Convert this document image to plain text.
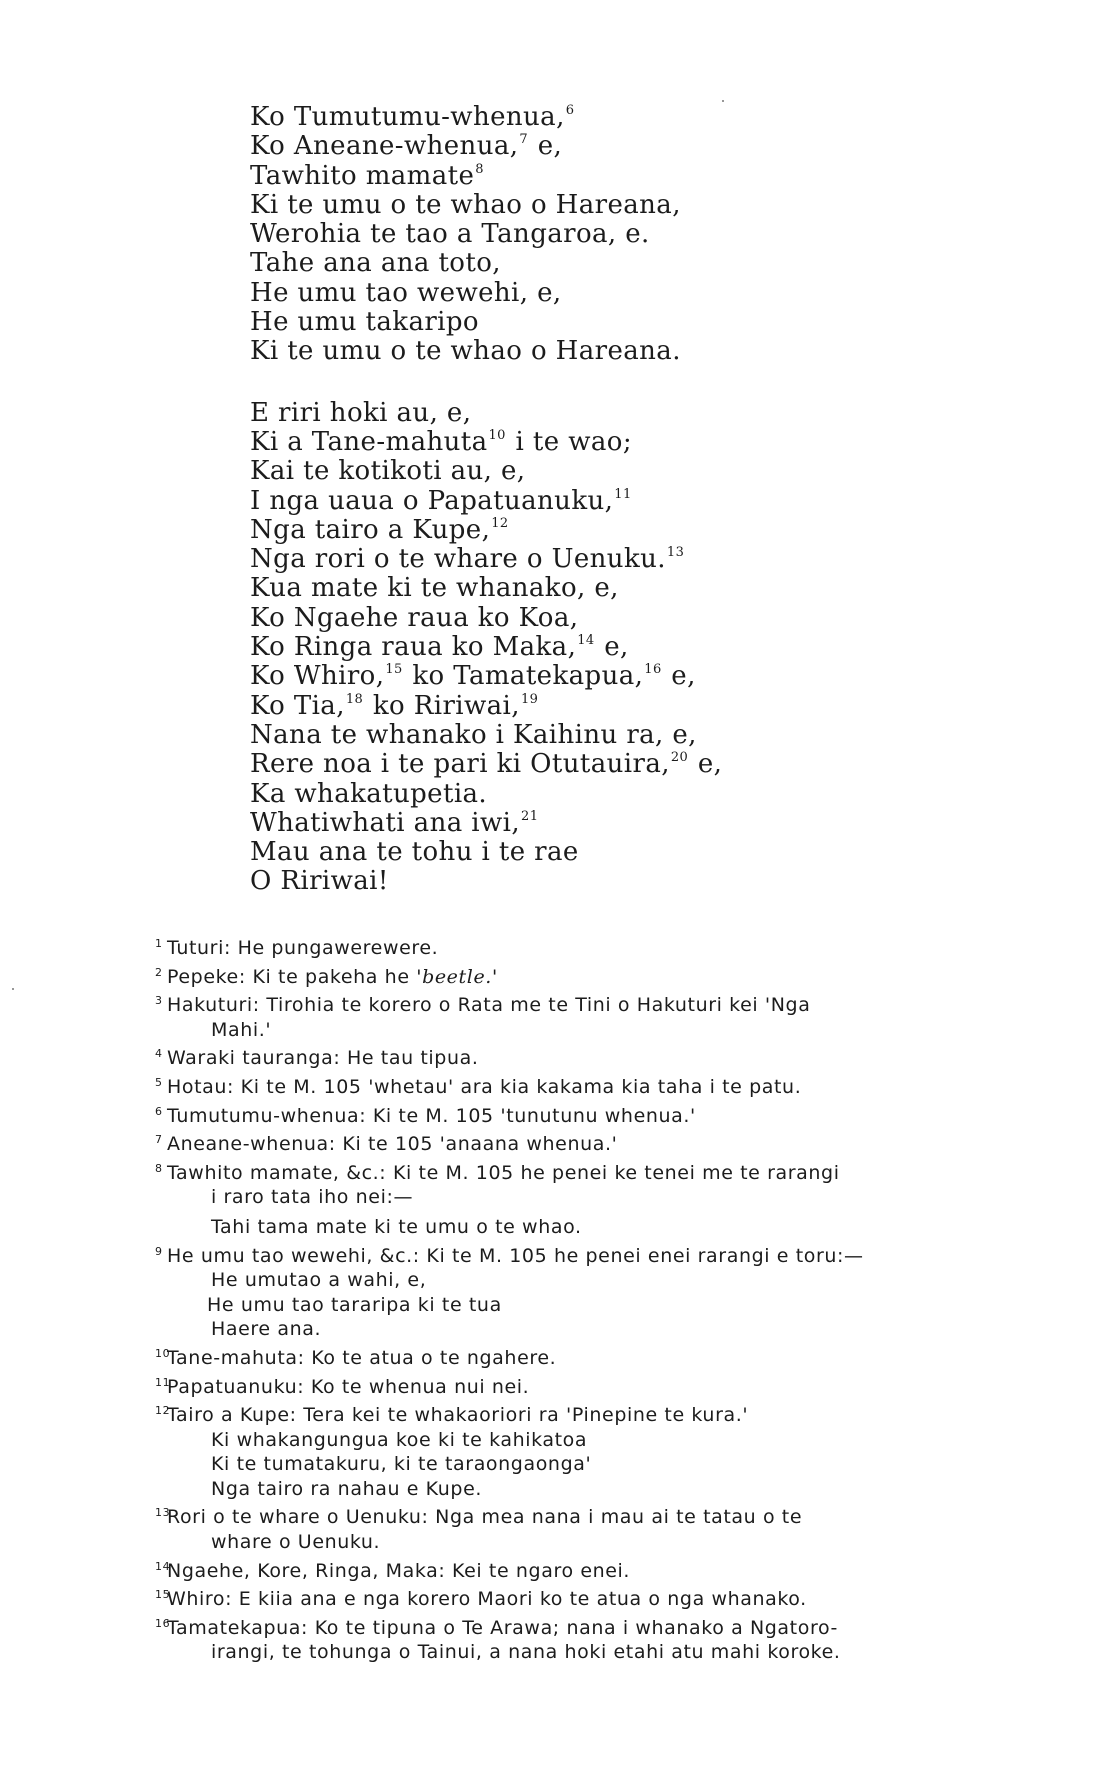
Ko Tumutumu-whenua,$^6$
Ko Aneane-whenua,$^7$ e,
Tawhito mamate$^8$
Ki te umu o te whao o Hareana,
Werohia te tao a Tangaroa, e.
Tahe ana ana toto,
He umu tao wewehi, e,
He umu takaripo
Ki te umu o te whao o Hareana.
E riri hoki au, e,
Ki a Tane-mahuta$^{10}$ i te wao;
Kai te kotikoti au, e,
I nga uaua o Papatuanuku,$^{11}$
Nga tairo a Kupe,$^{12}$
Nga rori o te whare o Uenuku.$^{13}$
Kua mate ki te whanako, e,
Ko Ngaehe raua ko Koa,
Ko Ringa raua ko Maka,$^{14}$ e,
Ko Whiro,$^{15}$ ko Tamatekapua,$^{16}$ e,
Ko Tia,$^{18}$ ko Ririwai,$^{19}$
Nana te whanako i Kaihinu ra, e,
Rere noa i te pari ki Otutauira,$^{20}$ e,
Ka whakatupetia.
Whatiwhati ana iwi,$^{21}$
Mau ana te tohu i te rae
O Ririwai!
1 Tuturi: He pungawerewere.
2 Pepeke: Ki te pakeha he 'beetle.'
3 Hakuturi: Tirohia te korero o Rata me te Tini o Hakuturi kei 'Nga
Mahi.'
4 Waraki tauranga: He tau tipua.
5 Hotau: Ki te M. 105 'whetau' ara kia kakama kia taha i te patu.
6 Tumutumu-whenua: Ki te M. 105 'tunutunu whenua.'
7 Aneane-whenua: Ki te 105 'anaana whenua.'
8 Tawhito mamate, &c.: Ki te M. 105 he penei ke tenei me te rarangi
i raro tata iho nei:—
Tahi tama mate ki te umu o te whao.
9 He umu tao wewehi, &c.: Ki te M. 105 he penei enei rarangi e toru:—
He umutao a wahi, e,
He umu tao tararipa ki te tua
Haere ana.
10
Tane-mahuta: Ko te atua o te ngahere.
11
Papatuanuku: Ko te whenua nui nei.
12
Tairo a Kupe: Tera kei te whakaoriori ra 'Pinepine te kura.'
Ki whakangungua koe ki te kahikatoa
Ki te tumatakuru, ki te taraongaonga'
Nga tairo ra nahau e Kupe.
13
Rori o te whare o Uenuku: Nga mea nana i mau ai te tatau o te
whare o Uenuku.
14
Ngaehe, Kore, Ringa, Maka: Kei te ngaro enei.
15
Whiro: E kiia ana e nga korero Maori ko te atua o nga whanako.
16
Tamatekapua: Ko te tipuna o Te Arawa; nana i whanako a Ngatoro-
irangi, te tohunga o Tainui, a nana hoki etahi atu mahi koroke.
